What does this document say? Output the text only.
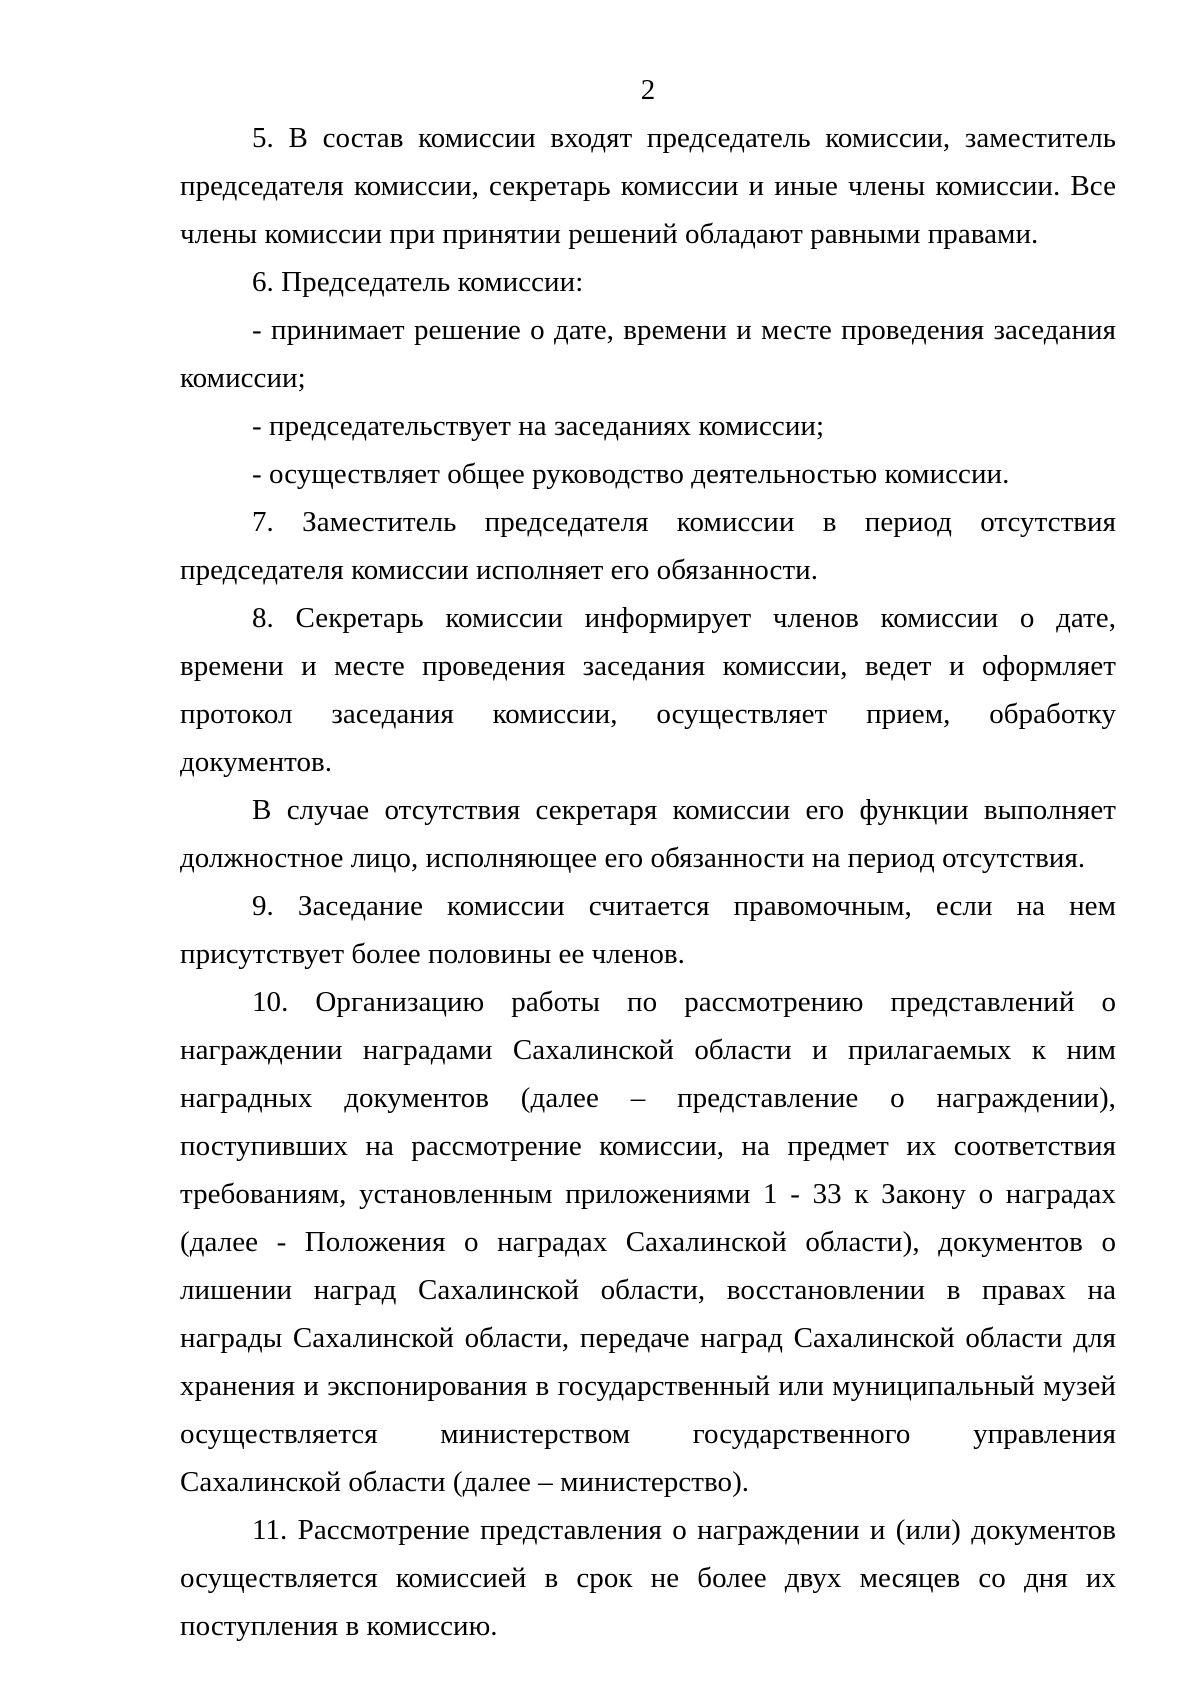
2

5. В состав комиссии входят председатель комиссии, заместитель председателя комиссии, секретарь комиссии и иные члены комиссии. Все члены комиссии при принятии решений обладают равными правами.

6. Председатель комиссии:

- принимает решение о дате, времени и месте проведения заседания комиссии;

- председательствует на заседаниях комиссии;

- осуществляет общее руководство деятельностью комиссии.

7. Заместитель председателя комиссии в период отсутствия председателя комиссии исполняет его обязанности.

8. Секретарь комиссии информирует членов комиссии о дате, времени и месте проведения заседания комиссии, ведет и оформляет протокол заседания комиссии, осуществляет прием, обработку документов.

В случае отсутствия секретаря комиссии его функции выполняет должностное лицо, исполняющее его обязанности на период отсутствия.

9. Заседание комиссии считается правомочным, если на нем присутствует более половины ее членов.

10. Организацию работы по рассмотрению представлений о награждении наградами Сахалинской области и прилагаемых к ним наградных документов (далее – представление о награждении), поступивших на рассмотрение комиссии, на предмет их соответствия требованиям, установленным приложениями 1 - 33 к Закону о наградах (далее - Положения о наградах Сахалинской области), документов о лишении наград Сахалинской области, восстановлении в правах на награды Сахалинской области, передаче наград Сахалинской области для хранения и экспонирования в государственный или муниципальный музей осуществляется министерством государственного управления Сахалинской области (далее – министерство).

11. Рассмотрение представления о награждении и (или) документов осуществляется комиссией в срок не более двух месяцев со дня их поступления в комиссию.
